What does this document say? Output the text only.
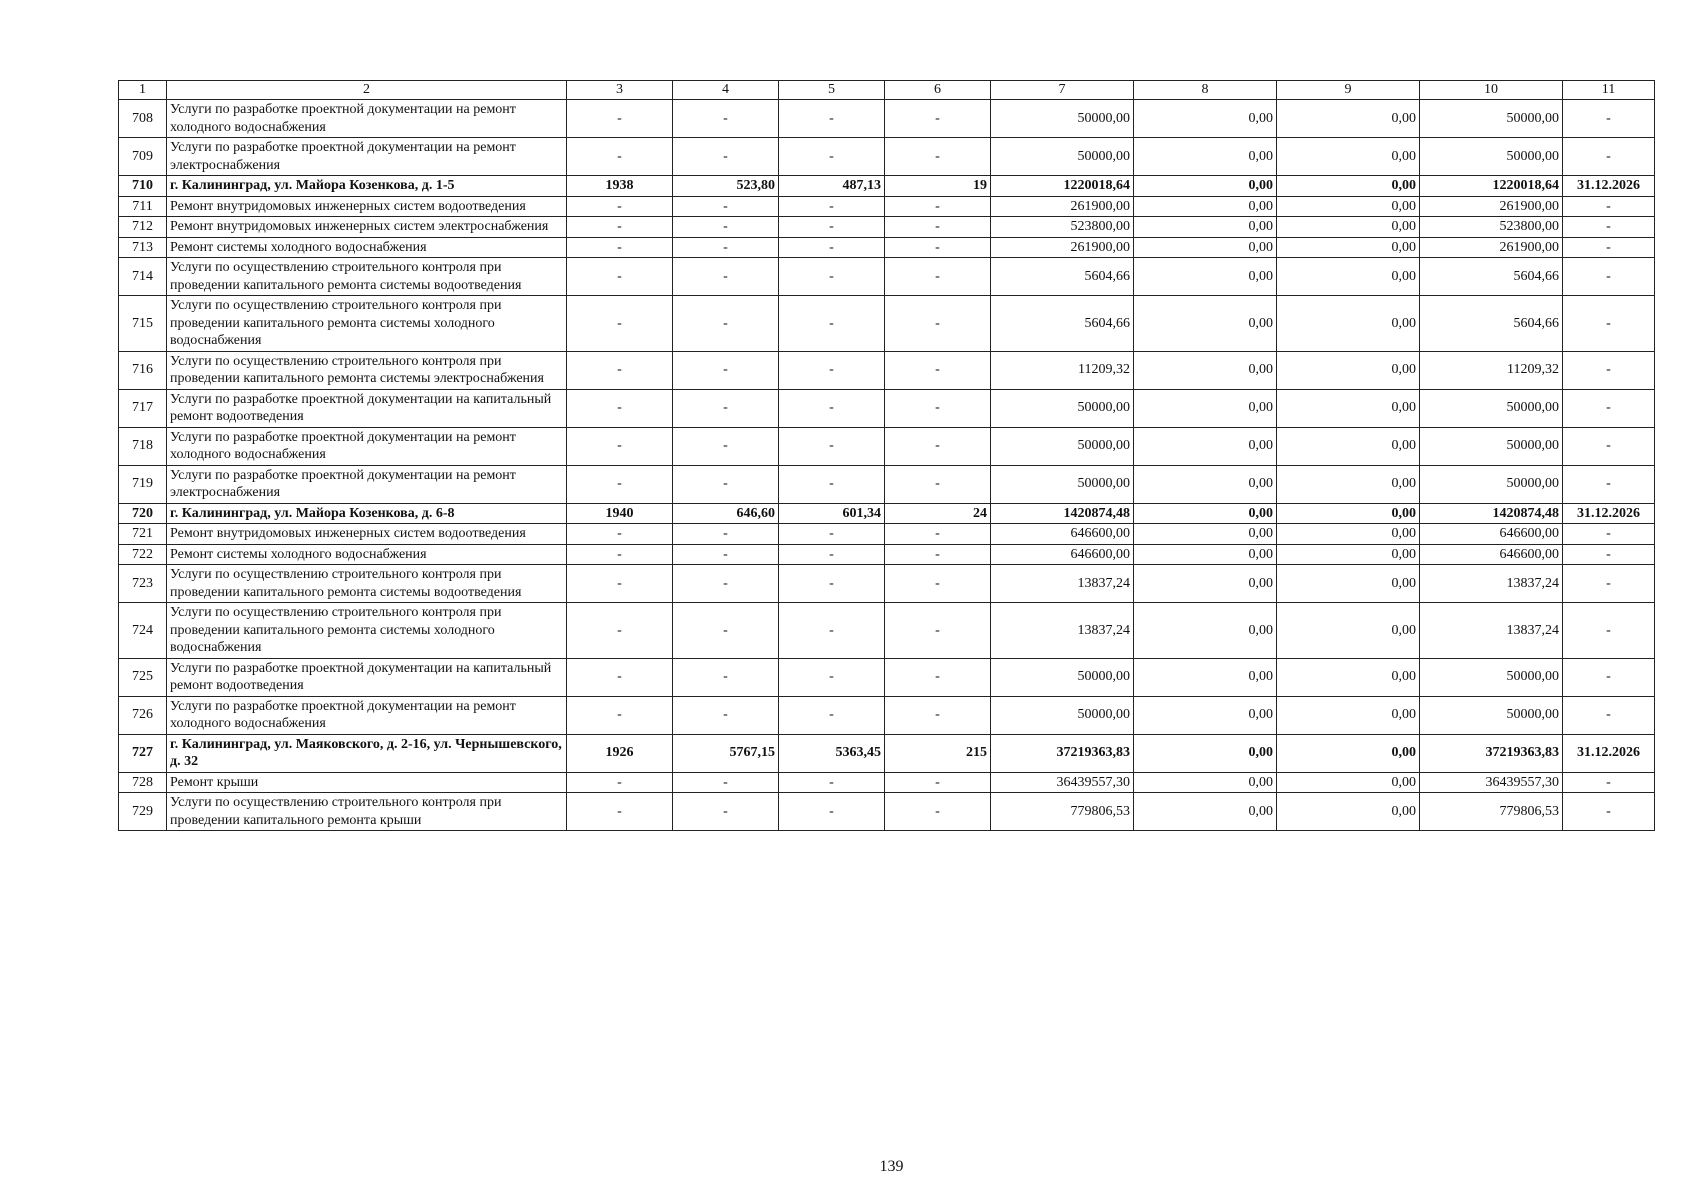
1	2	3	4	5	6	7	8	9	10	11
708	Услуги по разработке проектной документации на ремонт холодного водоснабжения	-	-	-	-	50000,00	0,00	0,00	50000,00	-
709	Услуги по разработке проектной документации на ремонт электроснабжения	-	-	-	-	50000,00	0,00	0,00	50000,00	-
710	г. Калининград, ул. Майора Козенкова, д. 1-5	1938	523,80	487,13	19	1220018,64	0,00	0,00	1220018,64	31.12.2026
711	Ремонт внутридомовых инженерных систем водоотведения	-	-	-	-	261900,00	0,00	0,00	261900,00	-
712	Ремонт внутридомовых инженерных систем электроснабжения	-	-	-	-	523800,00	0,00	0,00	523800,00	-
713	Ремонт системы холодного водоснабжения	-	-	-	-	261900,00	0,00	0,00	261900,00	-
714	Услуги по осуществлению строительного контроля при проведении капитального ремонта системы водоотведения	-	-	-	-	5604,66	0,00	0,00	5604,66	-
715	Услуги по осуществлению строительного контроля при проведении капитального ремонта системы холодного водоснабжения	-	-	-	-	5604,66	0,00	0,00	5604,66	-
716	Услуги по осуществлению строительного контроля при проведении капитального ремонта системы электроснабжения	-	-	-	-	11209,32	0,00	0,00	11209,32	-
717	Услуги по разработке проектной документации на капитальный ремонт водоотведения	-	-	-	-	50000,00	0,00	0,00	50000,00	-
718	Услуги по разработке проектной документации на ремонт холодного водоснабжения	-	-	-	-	50000,00	0,00	0,00	50000,00	-
719	Услуги по разработке проектной документации на ремонт электроснабжения	-	-	-	-	50000,00	0,00	0,00	50000,00	-
720	г. Калининград, ул. Майора Козенкова, д. 6-8	1940	646,60	601,34	24	1420874,48	0,00	0,00	1420874,48	31.12.2026
721	Ремонт внутридомовых инженерных систем водоотведения	-	-	-	-	646600,00	0,00	0,00	646600,00	-
722	Ремонт системы холодного водоснабжения	-	-	-	-	646600,00	0,00	0,00	646600,00	-
723	Услуги по осуществлению строительного контроля при проведении капитального ремонта системы водоотведения	-	-	-	-	13837,24	0,00	0,00	13837,24	-
724	Услуги по осуществлению строительного контроля при проведении капитального ремонта системы холодного водоснабжения	-	-	-	-	13837,24	0,00	0,00	13837,24	-
725	Услуги по разработке проектной документации на капитальный ремонт водоотведения	-	-	-	-	50000,00	0,00	0,00	50000,00	-
726	Услуги по разработке проектной документации на ремонт холодного водоснабжения	-	-	-	-	50000,00	0,00	0,00	50000,00	-
727	г. Калининград, ул. Маяковского, д. 2-16, ул. Чернышевского, д. 32	1926	5767,15	5363,45	215	37219363,83	0,00	0,00	37219363,83	31.12.2026
728	Ремонт крыши	-	-	-	-	36439557,30	0,00	0,00	36439557,30	-
729	Услуги по осуществлению строительного контроля при проведении капитального ремонта крыши	-	-	-	-	779806,53	0,00	0,00	779806,53	-
139
